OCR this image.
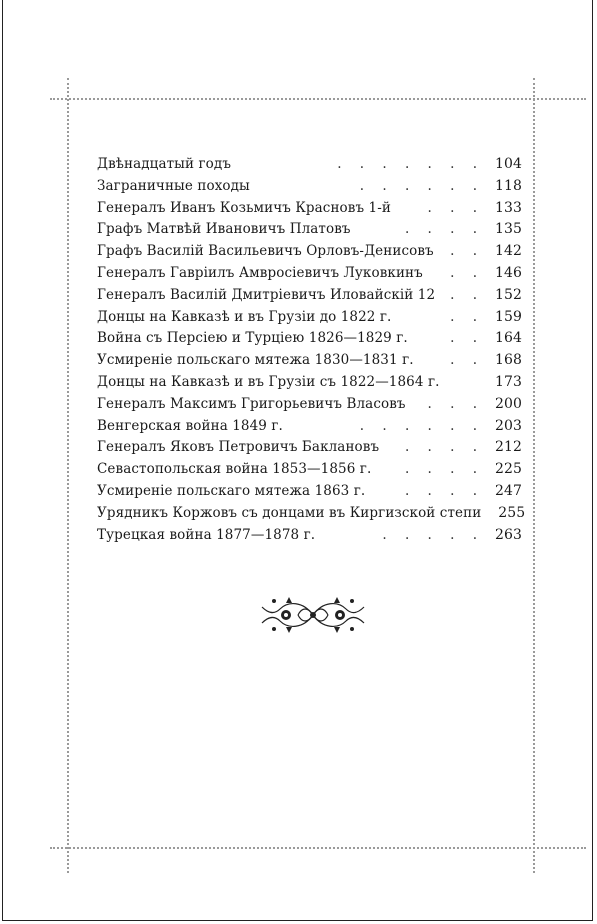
Двѣнадцатый годъ	. . . . . . . 104
Заграничные походы	. . . . . . 118
Генералъ Иванъ Козьмичъ Красновъ 1-й	. . . 133
Графъ Матвѣй Ивановичъ Платовъ	. . . . 135
Графъ Василій Васильевичъ Орловъ-Денисовъ	. . 142
Генералъ Гавріилъ Амвросіевичъ Луковкинъ	. . 146
Генералъ Василій Дмитріевичъ Иловайскій 12	. . 152
Донцы на Кавказѣ и въ Грузіи до 1822 г.	. . 159
Война съ Персіею и Турціею 1826—1829 г.	. . 164
Усмиреніе польскаго мятежа 1830—1831 г.	. . 168
Донцы на Кавказѣ и въ Грузіи съ 1822—1864 г.	173
Генералъ Максимъ Григорьевичъ Власовъ	. . . 200
Венгерская война 1849 г.	. . . . . . 203
Генералъ Яковъ Петровичъ Баклановъ	. . . . 212
Севастопольская война 1853—1856 г.	. . . . 225
Усмиреніе польскаго мятежа 1863 г.	. . . . 247
Урядникъ Коржовъ съ донцами въ Киргизской степи	255
Турецкая война 1877—1878 г.	. . . . . 263
